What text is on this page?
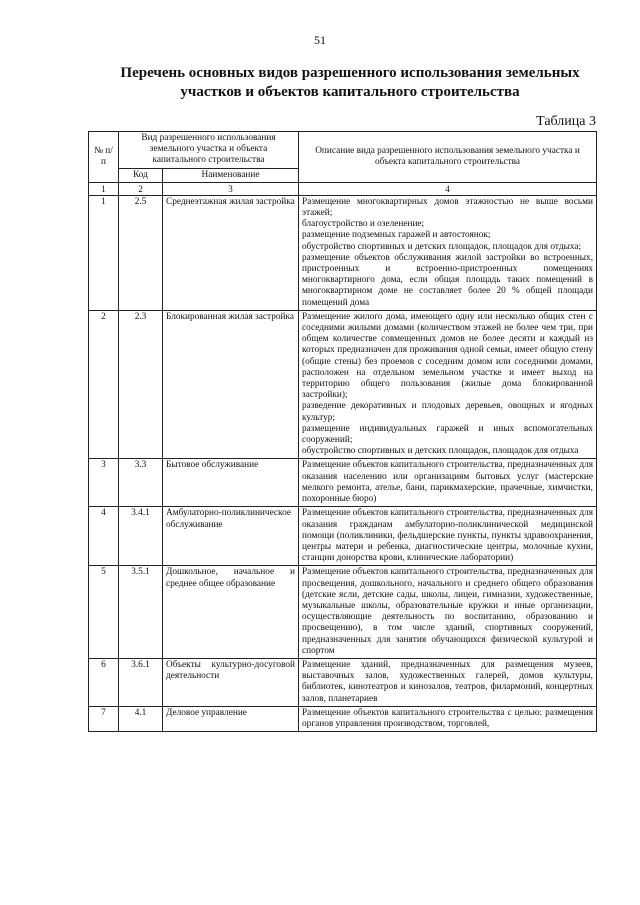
51
Перечень основных видов разрешенного использования земельных
участков и объектов капитального строительства
Таблица 3
№ п/п	Вид разрешенного использования земельного участка и объекта капитального строительства		Описание вида разрешенного использования земельного участка и объекта капитального строительства
	Код	Наименование	
1	2	3	4
1	2.5	Среднеэтажная жилая застройка	Размещение многоквартирных домов этажностью не выше восьми этажей;
благоустройство и озеленение;
размещение подземных гаражей и автостоянок;
обустройство спортивных и детских площадок, площадок для отдыха;
размещение объектов обслуживания жилой застройки во встроенных, пристроенных и встроенно-пристроенных помещениях многоквартирного дома, если общая площадь таких помещений в многоквартирном доме не составляет более 20 % общей площади помещений дома

2	2.3	Блокированная жилая застройка	Размещение жилого дома, имеющего одну или несколько общих стен с соседними жилыми домами (количеством этажей не более чем три, при общем количестве совмещенных домов не более десяти и каждый из которых предназначен для проживания одной семьи, имеет общую стену (общие стены) без проемов с соседним домом или соседними домами, расположен на отдельном земельном участке и имеет выход на территорию общего пользования (жилые дома блокированной застройки);
разведение декоративных и плодовых деревьев, овощных и ягодных культур;
размещение индивидуальных гаражей и иных вспомогательных сооружений;
обустройство спортивных и детских площадок, площадок для отдыха

3	3.3	Бытовое обслуживание	Размещение объектов капитального строительства, предназначенных для оказания населению или организациям бытовых услуг (мастерские мелкого ремонта, ателье, бани, парикмахерские, прачечные, химчистки, похоронные бюро)

4	3.4.1	Амбулаторно-поликлиническое обслуживание	Размещение объектов капитального строительства, предназначенных для оказания гражданам амбулаторно-поликлинической медицинской помощи (поликлиники, фельдшерские пункты, пункты здравоохранения, центры матери и ребенка, диагностические центры, молочные кухни, станции донорства крови, клинические лаборатории)

5	3.5.1	Дошкольное, начальное и среднее общее образование	Размещение объектов капитального строительства, предназначенных для просвещения, дошкольного, начального и среднего общего образования (детские ясли, детские сады, школы, лицеи, гимназии, художественные, музыкальные школы, образовательные кружки и иные организации, осуществляющие деятельность по воспитанию, образованию и просвещению), в том числе зданий, спортивных сооружений, предназначенных для занятия обучающихся физической культурой и спортом

6	3.6.1	Объекты культурно-досуговой деятельности	Размещение зданий, предназначенных для размещения музеев, выставочных залов, художественных галерей, домов культуры, библиотек, кинотеатров и кинозалов, театров, филармоний, концертных залов, планетариев

7	4.1	Деловое управление	Размещение объектов капитального строительства с целью: размещения органов управления производством, торговлей,
